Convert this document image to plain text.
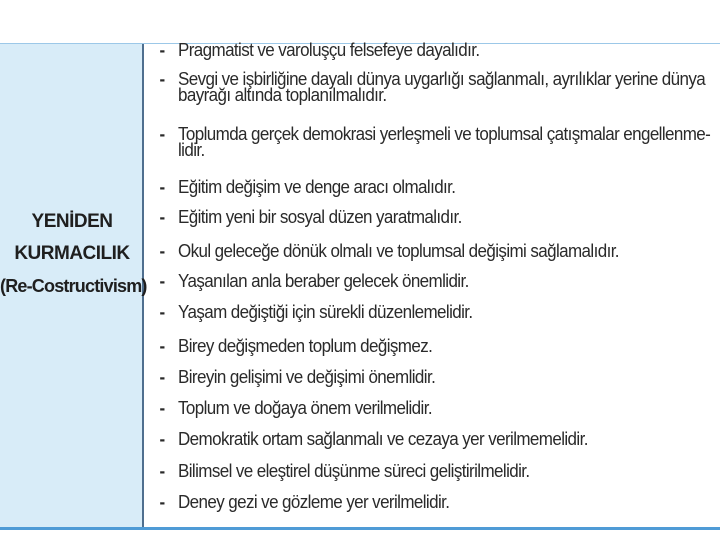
YENİDEN
KURMACILIK
(Re-Costructivism)
- Pragmatist ve varoluşçu felsefeye dayalıdır.
- Sevgi ve işbirliğine dayalı dünya uygarlığı sağlanmalı, ayrılıklar yerine dünya
bayrağı altında toplanılmalıdır.
- Toplumda gerçek demokrasi yerleşmeli ve toplumsal çatışmalar engellenme-
lidir.
- Eğitim değişim ve denge aracı olmalıdır.
- Eğitim yeni bir sosyal düzen yaratmalıdır.
- Okul geleceğe dönük olmalı ve toplumsal değişimi sağlamalıdır.
- Yaşanılan anla beraber gelecek önemlidir.
- Yaşam değiştiği için sürekli düzenlemelidir.
- Birey değişmeden toplum değişmez.
- Bireyin gelişimi ve değişimi önemlidir.
- Toplum ve doğaya önem verilmelidir.
- Demokratik ortam sağlanmalı ve cezaya yer verilmemelidir.
- Bilimsel ve eleştirel düşünme süreci geliştirilmelidir.
- Deney gezi ve gözleme yer verilmelidir.
